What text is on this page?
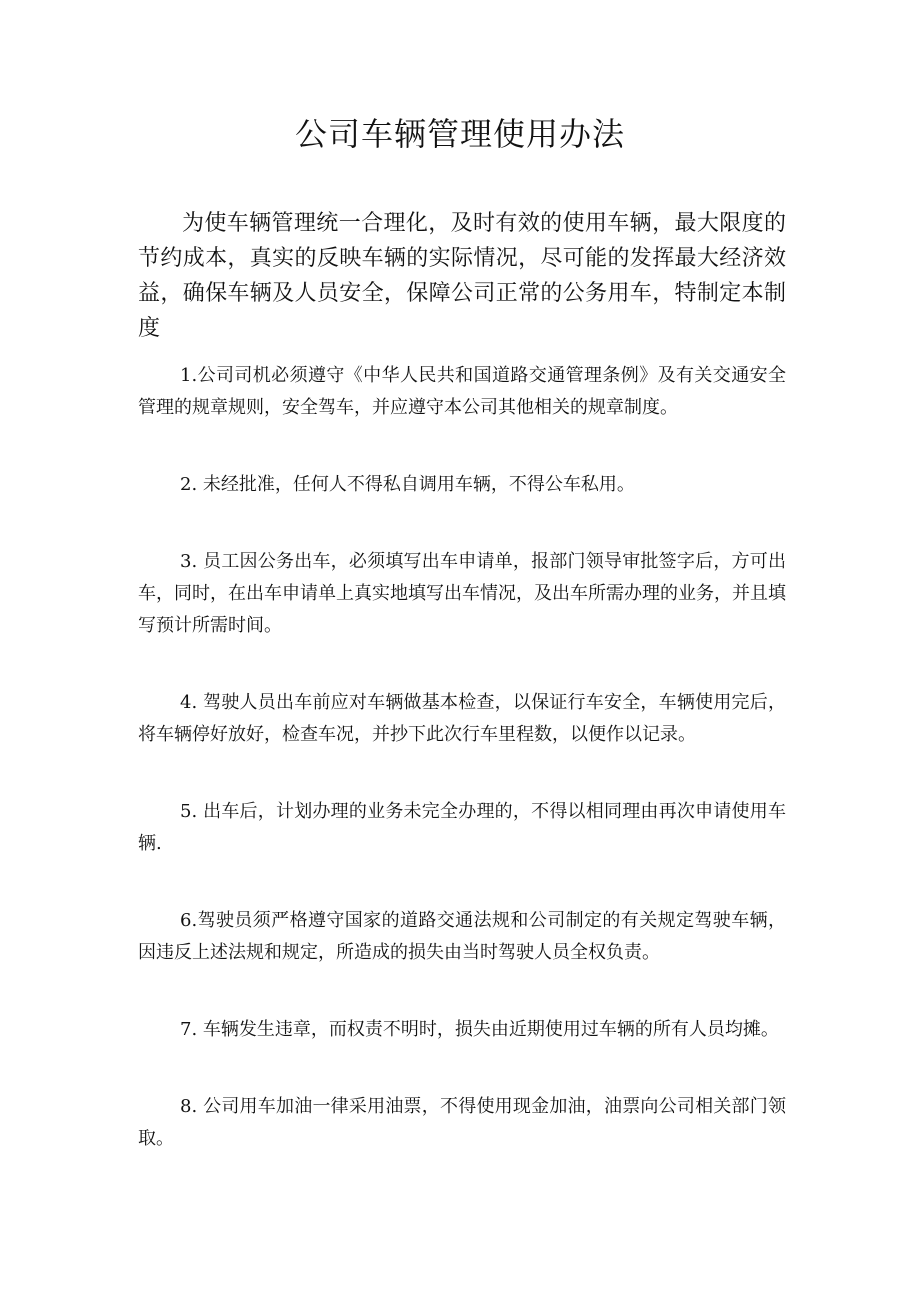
公司车辆管理使用办法

为使车辆管理统一合理化，及时有效的使用车辆，最大限度的节约成本，真实的反映车辆的实际情况，尽可能的发挥最大经济效益，确保车辆及人员安全，保障公司正常的公务用车，特制定本制度

1.公司司机必须遵守《中华人民共和国道路交通管理条例》及有关交通安全管理的规章规则，安全驾车，并应遵守本公司其他相关的规章制度。

2. 未经批准，任何人不得私自调用车辆，不得公车私用。

3. 员工因公务出车，必须填写出车申请单，报部门领导审批签字后，方可出车，同时，在出车申请单上真实地填写出车情况，及出车所需办理的业务，并且填写预计所需时间。

4. 驾驶人员出车前应对车辆做基本检查，以保证行车安全，车辆使用完后，将车辆停好放好，检查车况，并抄下此次行车里程数，以便作以记录。

5. 出车后，计划办理的业务未完全办理的，不得以相同理由再次申请使用车辆.

6.驾驶员须严格遵守国家的道路交通法规和公司制定的有关规定驾驶车辆，因违反上述法规和规定，所造成的损失由当时驾驶人员全权负责。

7. 车辆发生违章，而权责不明时，损失由近期使用过车辆的所有人员均摊。

8. 公司用车加油一律采用油票，不得使用现金加油，油票向公司相关部门领取。
